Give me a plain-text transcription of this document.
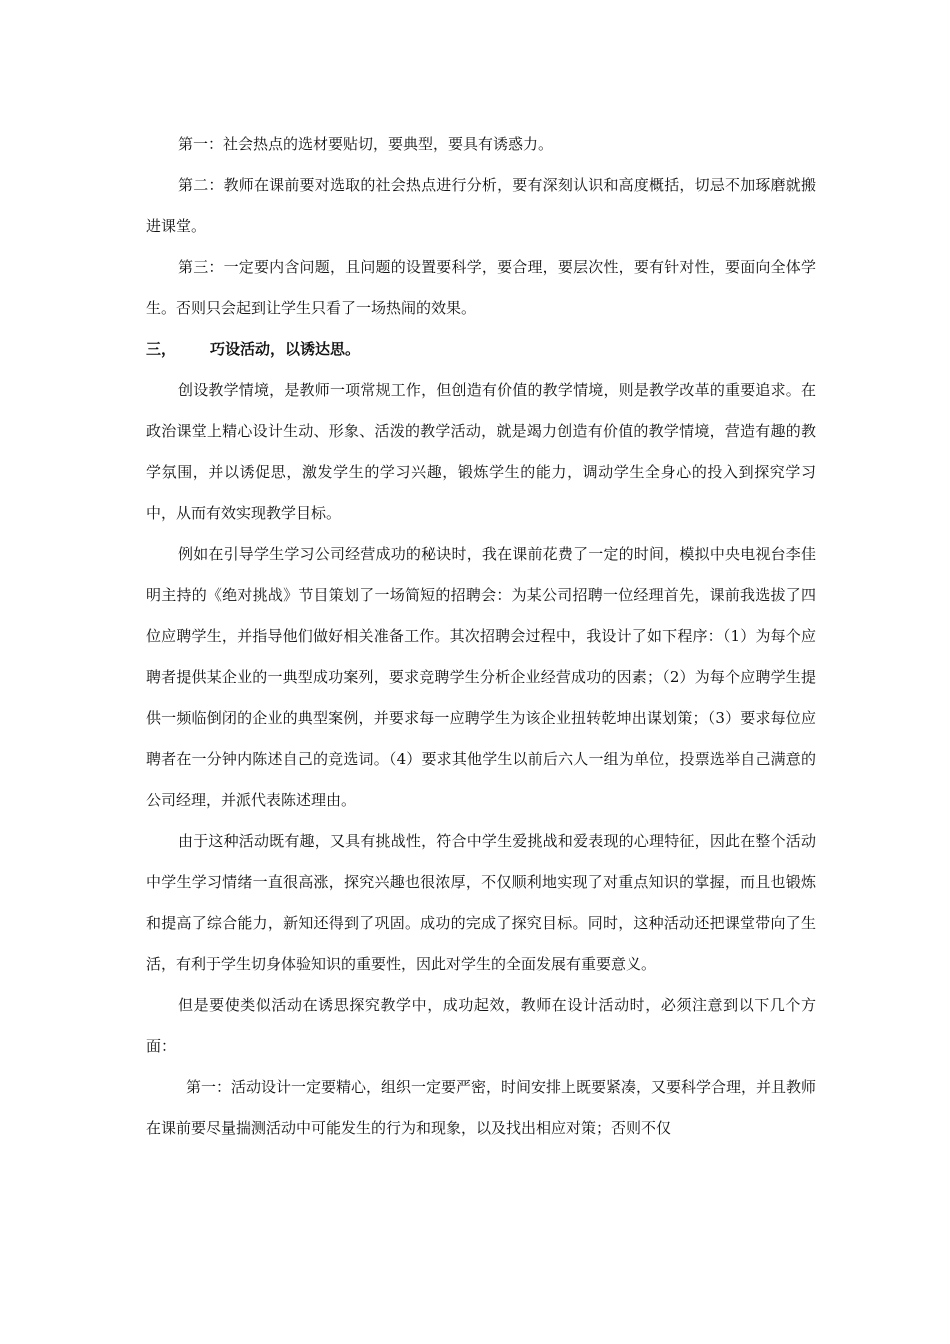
第一：社会热点的选材要贴切，要典型，要具有诱惑力。

第二：教师在课前要对选取的社会热点进行分析，要有深刻认识和高度概括，切忌不加琢磨就搬进课堂。

第三：一定要内含问题，且问题的设置要科学，要合理，要层次性，要有针对性，要面向全体学生。否则只会起到让学生只看了一场热闹的效果。

三， 巧设活动，以诱达思。

创设教学情境，是教师一项常规工作，但创造有价值的教学情境，则是教学改革的重要追求。在政治课堂上精心设计生动、形象、活泼的教学活动，就是竭力创造有价值的教学情境，营造有趣的教学氛围，并以诱促思，激发学生的学习兴趣，锻炼学生的能力，调动学生全身心的投入到探究学习中，从而有效实现教学目标。

例如在引导学生学习公司经营成功的秘诀时，我在课前花费了一定的时间，模拟中央电视台李佳明主持的《绝对挑战》节目策划了一场简短的招聘会：为某公司招聘一位经理首先，课前我选拔了四位应聘学生，并指导他们做好相关准备工作。其次招聘会过程中，我设计了如下程序：（1）为每个应聘者提供某企业的一典型成功案列，要求竞聘学生分析企业经营成功的因素；（2）为每个应聘学生提供一频临倒闭的企业的典型案例，并要求每一应聘学生为该企业扭转乾坤出谋划策；（3）要求每位应聘者在一分钟内陈述自己的竞选词。（4）要求其他学生以前后六人一组为单位，投票选举自己满意的公司经理，并派代表陈述理由。

由于这种活动既有趣，又具有挑战性，符合中学生爱挑战和爱表现的心理特征，因此在整个活动中学生学习情绪一直很高涨，探究兴趣也很浓厚，不仅顺利地实现了对重点知识的掌握，而且也锻炼和提高了综合能力，新知还得到了巩固。成功的完成了探究目标。同时，这种活动还把课堂带向了生活，有利于学生切身体验知识的重要性，因此对学生的全面发展有重要意义。

但是要使类似活动在诱思探究教学中，成功起效，教师在设计活动时，必须注意到以下几个方面：

第一：活动设计一定要精心，组织一定要严密，时间安排上既要紧凑，又要科学合理，并且教师在课前要尽量揣测活动中可能发生的行为和现象，以及找出相应对策；否则不仅
